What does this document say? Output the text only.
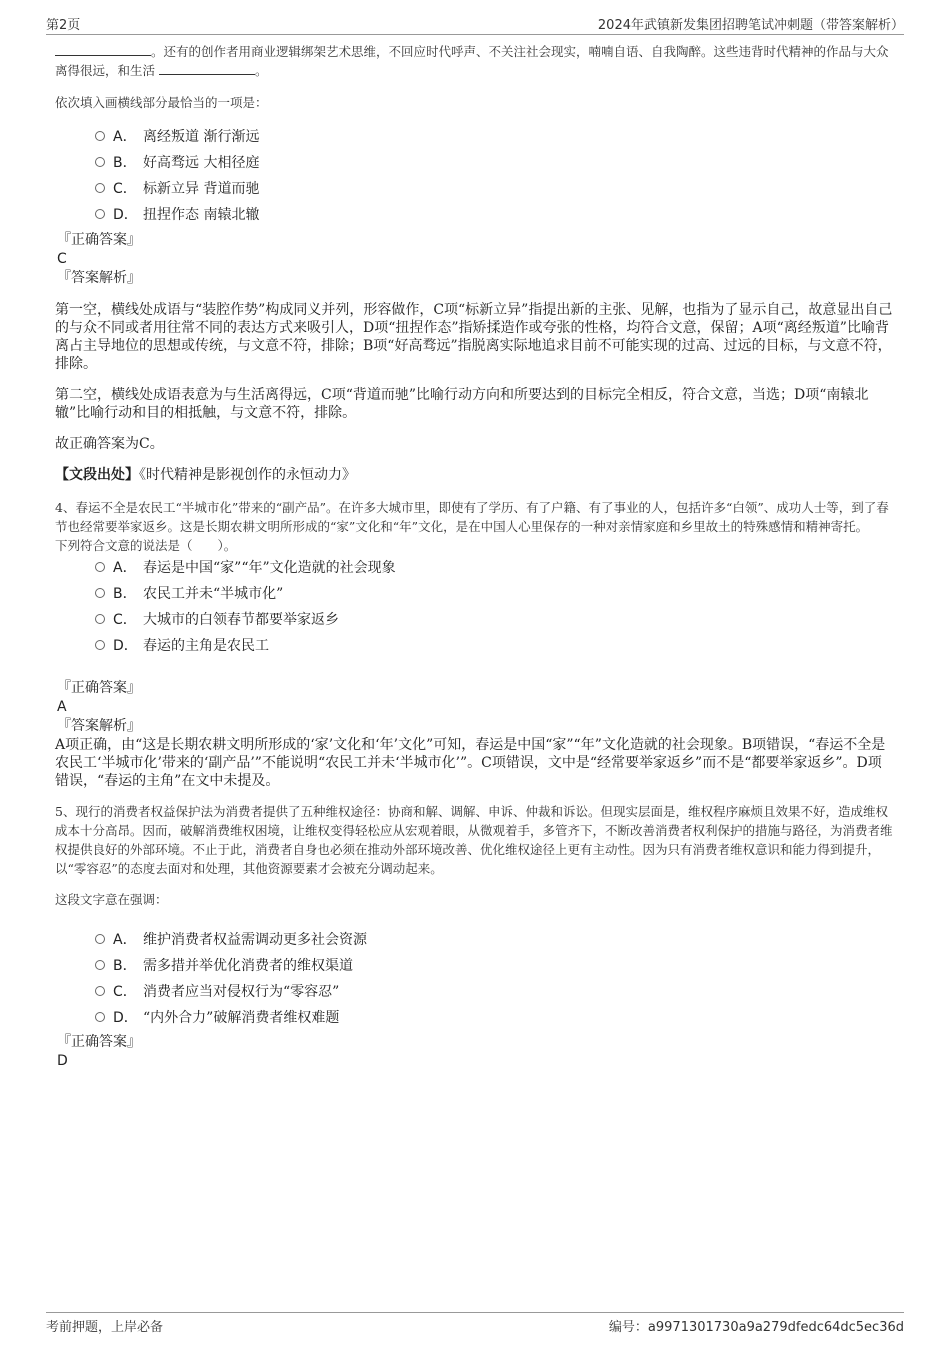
第2页	2024年武镇新发集团招聘笔试冲刺题（带答案解析）
。还有的创作者用商业逻辑绑架艺术思维，不回应时代呼声、不关注社会现实，喃喃自语、自我陶醉。这些违背时代精神的作品与大众离得很远，和生活	。
依次填入画横线部分最恰当的一项是：
A． 离经叛道 渐行渐远
B． 好高骛远 大相径庭
C． 标新立异 背道而驰
D． 扭捏作态 南辕北辙
『正确答案』
C
『答案解析』

第一空，横线处成语与“装腔作势”构成同义并列，形容做作，C项“标新立异”指提出新的主张、见解，也指为了显示自己，故意显出自己的与众不同或者用往常不同的表达方式来吸引人，D项“扭捏作态”指矫揉造作或夸张的性格，均符合文意，保留；A项“离经叛道”比喻背离占主导地位的思想或传统，与文意不符，排除；B项“好高骛远”指脱离实际地追求目前不可能实现的过高、过远的目标，与文意不符，排除。

第二空，横线处成语表意为与生活离得远，C项“背道而驰”比喻行动方向和所要达到的目标完全相反，符合文意，当选；D项“南辕北辙”比喻行动和目的相抵触，与文意不符，排除。

故正确答案为C。

【文段出处】《时代精神是影视创作的永恒动力》
4、春运不全是农民工“半城市化”带来的“副产品”。在许多大城市里，即使有了学历、有了户籍、有了事业的人，包括许多“白领”、成功人士等，到了春节也经常要举家返乡。这是长期农耕文明所形成的“家”文化和“年”文化，是在中国人心里保存的一种对亲情家庭和乡里故土的特殊感情和精神寄托。
下列符合文意的说法是（　　）。
A． 春运是中国“家”“年”文化造就的社会现象
B． 农民工并未“半城市化”
C． 大城市的白领春节都要举家返乡
D． 春运的主角是农民工
『正确答案』
A
『答案解析』

A项正确，由“这是长期农耕文明所形成的‘家’文化和‘年’文化”可知，春运是中国“家”“年”文化造就的社会现象。B项错误，“春运不全是农民工‘半城市化’带来的‘副产品’”不能说明“农民工并未‘半城市化’”。C项错误，文中是“经常要举家返乡”而不是“都要举家返乡”。D项错误，“春运的主角”在文中未提及。

5、现行的消费者权益保护法为消费者提供了五种维权途径：协商和解、调解、申诉、仲裁和诉讼。但现实层面是，维权程序麻烦且效果不好，造成维权成本十分高昂。因而，破解消费维权困境，让维权变得轻松应从宏观着眼，从微观着手，多管齐下，不断改善消费者权利保护的措施与路径，为消费者维权提供良好的外部环境。不止于此，消费者自身也必须在推动外部环境改善、优化维权途径上更有主动性。因为只有消费者维权意识和能力得到提升，以“零容忍”的态度去面对和处理，其他资源要素才会被充分调动起来。
这段文字意在强调：
A． 维护消费者权益需调动更多社会资源
B． 需多措并举优化消费者的维权渠道
C． 消费者应当对侵权行为“零容忍”
D． “内外合力”破解消费者维权难题
『正确答案』
D
考前押题，上岸必备	编号：a9971301730a9a279dfedc64dc5ec36d
